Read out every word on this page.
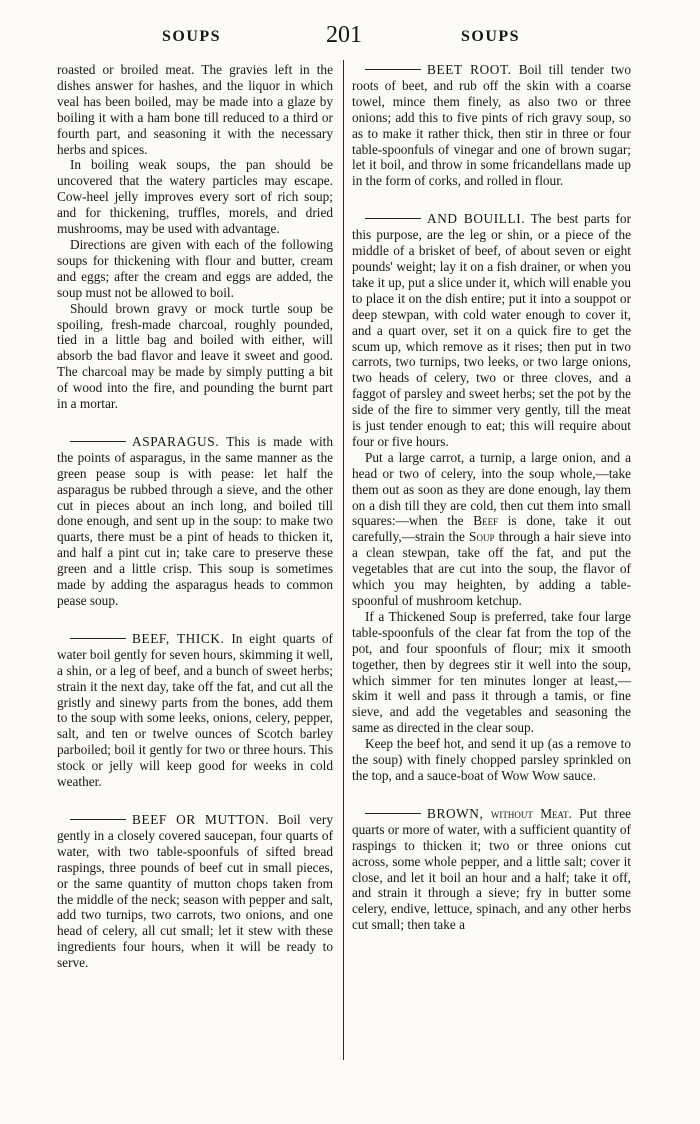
SOUPS	201	SOUPS

roasted or broiled meat. The gravies left in the dishes answer for hashes, and the liquor in which veal has been boiled, may be made into a glaze by boiling it with a ham bone till reduced to a third or fourth part, and seasoning it with the necessary herbs and spices.

In boiling weak soups, the pan should be uncovered that the watery particles may escape. Cow-heel jelly improves every sort of rich soup; and for thickening, truffles, morels, and dried mushrooms, may be used with advantage.

Directions are given with each of the following soups for thickening with flour and butter, cream and eggs; after the cream and eggs are added, the soup must not be allowed to boil.

Should brown gravy or mock turtle soup be spoiling, fresh-made charcoal, roughly pounded, tied in a little bag and boiled with either, will absorb the bad flavor and leave it sweet and good. The charcoal may be made by simply putting a bit of wood into the fire, and pounding the burnt part in a mortar.

ASPARAGUS. This is made with the points of asparagus, in the same manner as the green pease soup is with pease: let half the asparagus be rubbed through a sieve, and the other cut in pieces about an inch long, and boiled till done enough, and sent up in the soup: to make two quarts, there must be a pint of heads to thicken it, and half a pint cut in; take care to preserve these green and a little crisp. This soup is sometimes made by adding the asparagus heads to common pease soup.

BEEF, THICK. In eight quarts of water boil gently for seven hours, skimming it well, a shin, or a leg of beef, and a bunch of sweet herbs; strain it the next day, take off the fat, and cut all the gristly and sinewy parts from the bones, add them to the soup with some leeks, onions, celery, pepper, salt, and ten or twelve ounces of Scotch barley parboiled; boil it gently for two or three hours. This stock or jelly will keep good for weeks in cold weather.

BEEF OR MUTTON. Boil very gently in a closely covered saucepan, four quarts of water, with two table-spoonfuls of sifted bread raspings, three pounds of beef cut in small pieces, or the same quantity of mutton chops taken from the middle of the neck; season with pepper and salt, add two turnips, two carrots, two onions, and one head of celery, all cut small; let it stew with these ingredients four hours, when it will be ready to serve.

BEET ROOT. Boil till tender two roots of beet, and rub off the skin with a coarse towel, mince them finely, as also two or three onions; add this to five pints of rich gravy soup, so as to make it rather thick, then stir in three or four table-spoonfuls of vinegar and one of brown sugar; let it boil, and throw in some fricandellans made up in the form of corks, and rolled in flour.

AND BOUILLI. The best parts for this purpose, are the leg or shin, or a piece of the middle of a brisket of beef, of about seven or eight pounds' weight; lay it on a fish drainer, or when you take it up, put a slice under it, which will enable you to place it on the dish entire; put it into a souppot or deep stewpan, with cold water enough to cover it, and a quart over, set it on a quick fire to get the scum up, which remove as it rises; then put in two carrots, two turnips, two leeks, or two large onions, two heads of celery, two or three cloves, and a faggot of parsley and sweet herbs; set the pot by the side of the fire to simmer very gently, till the meat is just tender enough to eat; this will require about four or five hours.

Put a large carrot, a turnip, a large onion, and a head or two of celery, into the soup whole,—take them out as soon as they are done enough, lay them on a dish till they are cold, then cut them into small squares:—when the Beef is done, take it out carefully,—strain the Soup through a hair sieve into a clean stewpan, take off the fat, and put the vegetables that are cut into the soup, the flavor of which you may heighten, by adding a table-spoonful of mushroom ketchup.

If a Thickened Soup is preferred, take four large table-spoonfuls of the clear fat from the top of the pot, and four spoonfuls of flour; mix it smooth together, then by degrees stir it well into the soup, which simmer for ten minutes longer at least,—skim it well and pass it through a tamis, or fine sieve, and add the vegetables and seasoning the same as directed in the clear soup.

Keep the beef hot, and send it up (as a remove to the soup) with finely chopped parsley sprinkled on the top, and a sauce-boat of Wow Wow sauce.

BROWN, without Meat. Put three quarts or more of water, with a sufficient quantity of raspings to thicken it; two or three onions cut across, some whole pepper, and a little salt; cover it close, and let it boil an hour and a half; take it off, and strain it through a sieve; fry in butter some celery, endive, lettuce, spinach, and any other herbs cut small; then take a
